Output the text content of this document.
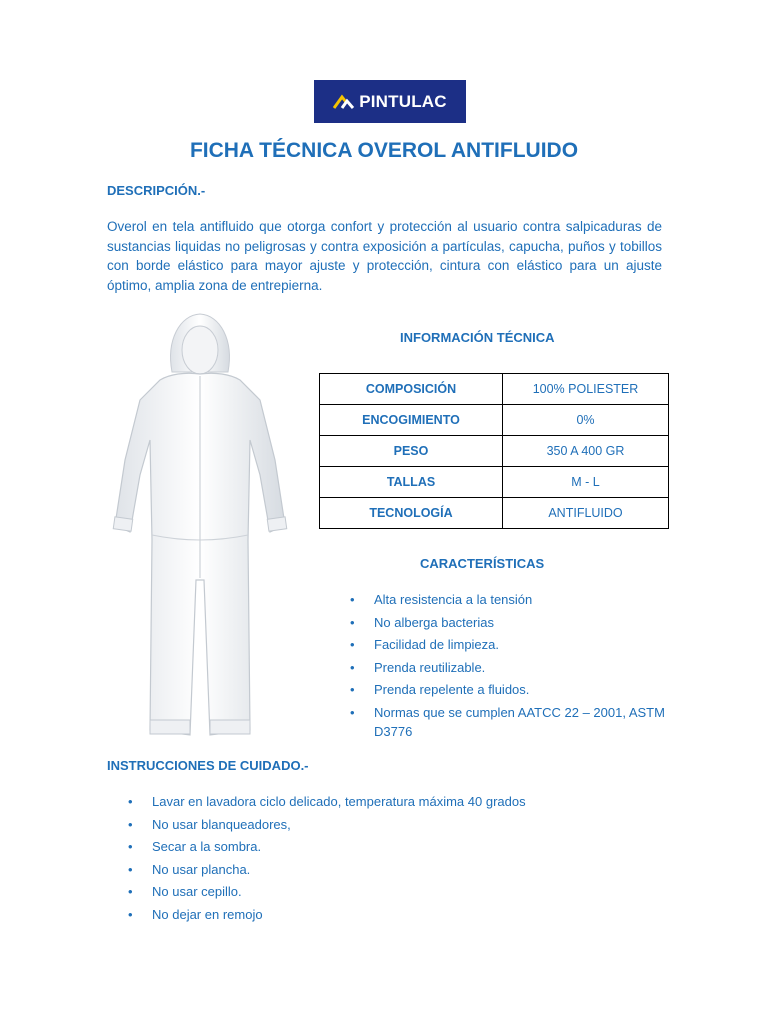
PINTULAC
FICHA TÉCNICA OVEROL ANTIFLUIDO
DESCRIPCIÓN.-

Overol en tela antifluido que otorga confort y protección al usuario contra salpicaduras de sustancias liquidas no peligrosas y contra exposición a partículas, capucha, puños y tobillos con borde elástico para mayor ajuste y protección, cintura con elástico para un ajuste óptimo, amplia zona de entrepierna.

INFORMACIÓN TÉCNICA
COMPOSICIÓN	100% POLIESTER
ENCOGIMIENTO	0%
PESO	350 A 400 GR
TALLAS	M - L
TECNOLOGÍA	ANTIFLUIDO
CARACTERÍSTICAS
• Alta resistencia a la tensión
• No alberga bacterias
• Facilidad de limpieza.
• Prenda reutilizable.
• Prenda repelente a fluidos.
• Normas que se cumplen AATCC 22 – 2001, ASTM D3776
INSTRUCCIONES DE CUIDADO.-
• Lavar en lavadora ciclo delicado, temperatura máxima 40 grados
• No usar blanqueadores,
• Secar a la sombra.
• No usar plancha.
• No usar cepillo.
• No dejar en remojo
